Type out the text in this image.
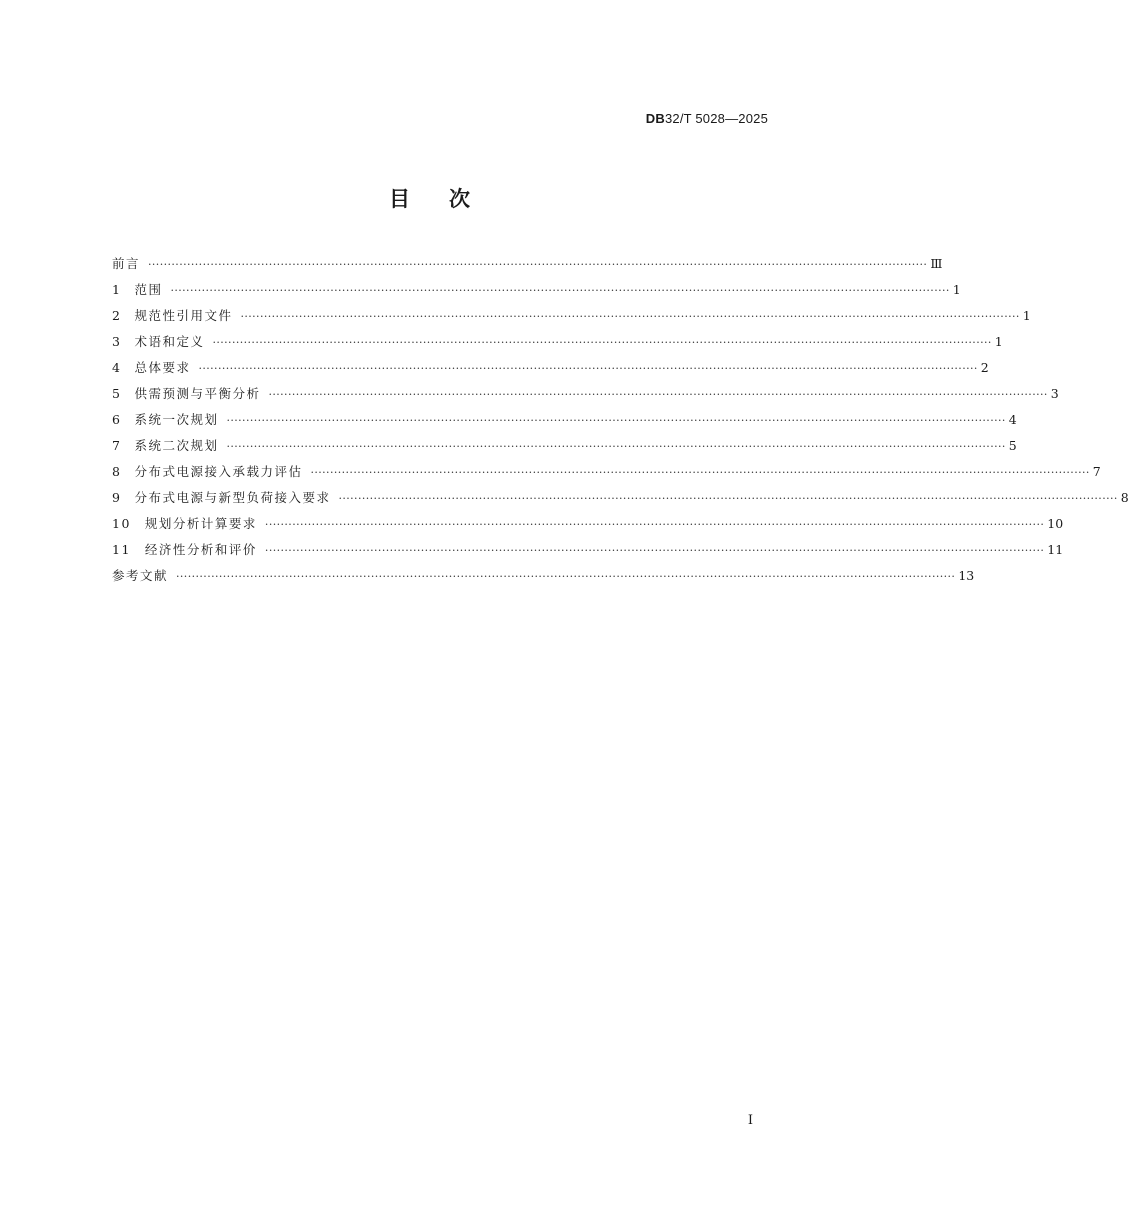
DB32/T 5028—2025
目 次
前言 ········································································································································································································ Ⅲ
1 范围 ········································································································································································································ 1
2 规范性引用文件 ········································································································································································································ 1
3 术语和定义 ········································································································································································································ 1
4 总体要求 ········································································································································································································ 2
5 供需预测与平衡分析 ········································································································································································································ 3
6 系统一次规划 ········································································································································································································ 4
7 系统二次规划 ········································································································································································································ 5
8 分布式电源接入承载力评估 ········································································································································································································ 7
9 分布式电源与新型负荷接入要求 ········································································································································································································ 8
10 规划分析计算要求 ········································································································································································································ 10
11 经济性分析和评价 ········································································································································································································ 11
参考文献 ········································································································································································································ 13
I
